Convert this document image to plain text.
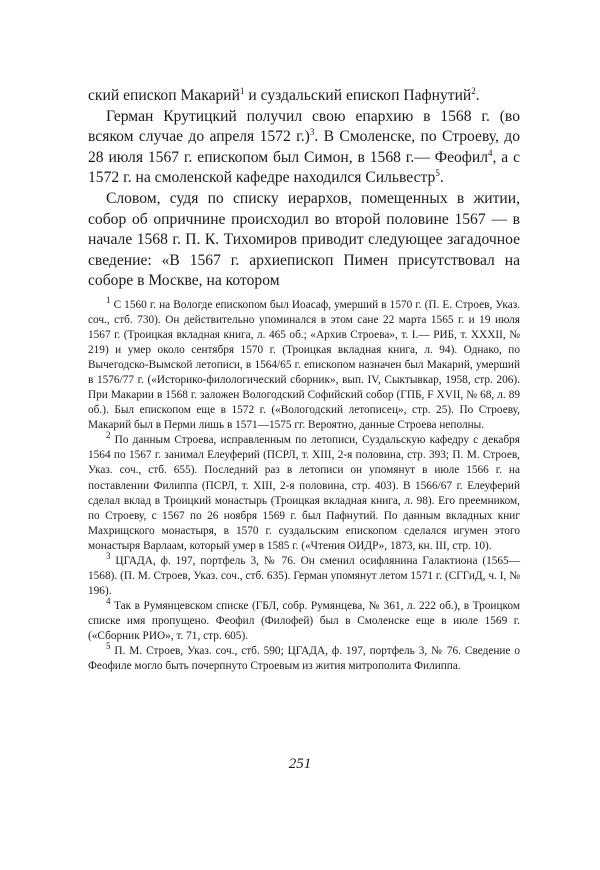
ский епископ Макарий$^1$ и суздальский епископ Пафнутий$^2$.

Герман Крутицкий получил свою епархию в 1568 г. (во всяком случае до апреля 1572 г.)$^3$. В Смоленске, по Строеву, до 28 июля 1567 г. епископом был Симон, в 1568 г.— Феофил$^4$, а с 1572 г. на смоленской кафедре находился Сильвестр$^5$.

Словом, судя по списку иерархов, помещенных в житии, собор об опричнине происходил во второй половине 1567 — в начале 1568 г. П. К. Тихомиров приводит следующее загадочное сведение: «В 1567 г. архиепископ Пимен присутствовал на соборе в Москве, на котором

$^1$ С 1560 г. на Вологде епископом был Иоасаф, умерший в 1570 г. (П. Е. Строев, Указ. соч., стб. 730). Он действительно упоминался в этом сане 22 марта 1565 г. и 19 июля 1567 г. (Троицкая вкладная книга, л. 465 об.; «Архив Строева», т. I.— РИБ, т. XXXII, № 219) и умер около сентября 1570 г. (Троицкая вкладная книга, л. 94). Однако, по Вычегодско-Вымской летописи, в 1564/65 г. епископом назначен был Макарий, умерший в 1576/77 г. («Историко-филологический сборник», вып. IV, Сыктывкар, 1958, стр. 206). При Макарии в 1568 г. заложен Вологодский Софийский собор (ГПБ, F XVII, № 68, л. 89 об.). Был епископом еще в 1572 г. («Вологодский летописец», стр. 25). По Строеву, Макарий был в Перми лишь в 1571—1575 гг. Вероятно, данные Строева неполны.

$^2$ По данным Строева, исправленным по летописи, Суздальскую кафедру с декабря 1564 по 1567 г. занимал Елеуферий (ПСРЛ, т. XIII, 2-я половина, стр. 393; П. М. Строев, Указ. соч., стб. 655). Последний раз в летописи он упомянут в июле 1566 г. на поставлении Филиппа (ПСРЛ, т. XIII, 2-я половина, стр. 403). В 1566/67 г. Елеуферий сделал вклад в Троицкий монастырь (Троицкая вкладная книга, л. 98). Его преемником, по Строеву, с 1567 по 26 ноября 1569 г. был Пафнутий. По данным вкладных книг Махрищского монастыря, в 1570 г. суздальским епископом сделался игумен этого монастыря Варлаам, который умер в 1585 г. («Чтения ОИДР», 1873, кн. III, стр. 10).

$^3$ ЦГАДА, ф. 197, портфель 3, № 76. Он сменил осифлянина Галактиона (1565—1568). (П. М. Строев, Указ. соч., стб. 635). Герман упомянут летом 1571 г. (СГГиД, ч. I, № 196).

$^4$ Так в Румянцевском списке (ГБЛ, собр. Румянцева, № 361, л. 222 об.), в Троицком списке имя пропущено. Феофил (Филофей) был в Смоленске еще в июле 1569 г. («Сборник РИО», т. 71, стр. 605).

$^5$ П. М. Строев, Указ. соч., стб. 590; ЦГАДА, ф. 197, портфель 3, № 76. Сведение о Феофиле могло быть почерпнуто Строевым из жития митрополита Филиппа.

251
